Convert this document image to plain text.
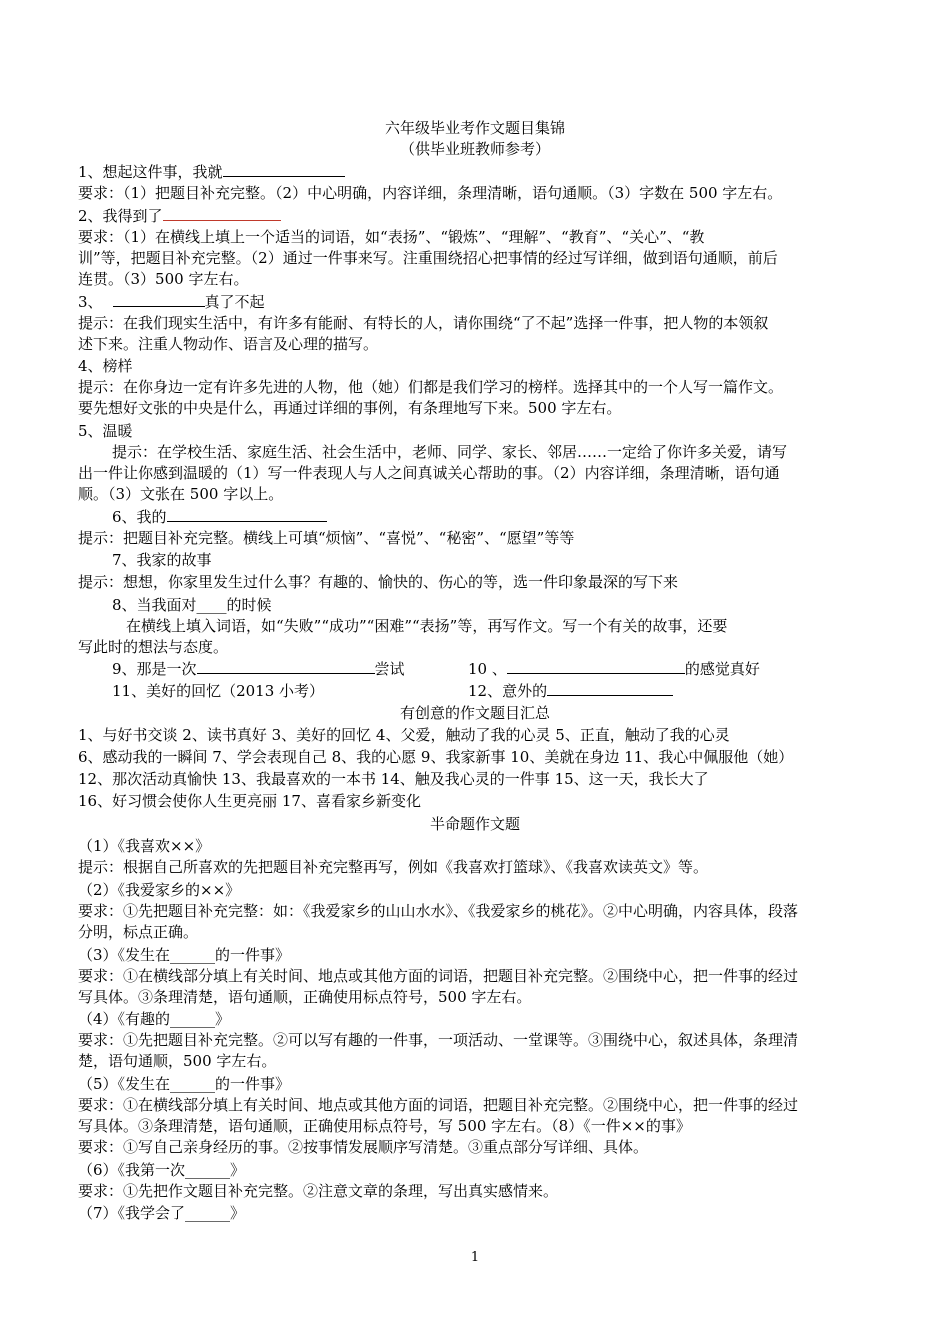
六年级毕业考作文题目集锦
（供毕业班教师参考）
1、想起这件事，我就
要求：（1）把题目补充完整。（2）中心明确，内容详细，条理清晰，语句通顺。（3）字数在 500 字左右。
2、我得到了
要求：（1）在横线上填上一个适当的词语，如“表扬”、“锻炼”、“理解”、“教育”、“关心”、“教
训”等，把题目补充完整。（2）通过一件事来写。注重围绕招心把事情的经过写详细，做到语句通顺，前后
连贯。（3）500 字左右。
3、	真了不起
提示：在我们现实生活中，有许多有能耐、有特长的人，请你围绕“了不起”选择一件事，把人物的本领叙
述下来。注重人物动作、语言及心理的描写。
4、榜样
提示：在你身边一定有许多先进的人物，他（她）们都是我们学习的榜样。选择其中的一个人写一篇作文。
要先想好文张的中央是什么，再通过详细的事例，有条理地写下来。500 字左右。
5、温暖
提示：在学校生活、家庭生活、社会生活中，老师、同学、家长、邻居……一定给了你许多关爱，请写
出一件让你感到温暖的（1）写一件表现人与人之间真诚关心帮助的事。（2）内容详细，条理清晰，语句通
顺。（3）文张在 500 字以上。
6、我的
提示：把题目补充完整。横线上可填“烦恼”、“喜悦”、“秘密”、“愿望”等等
7、我家的故事
提示：想想，你家里发生过什么事？有趣的、愉快的、伤心的等，选一件印象最深的写下来
8、当我面对____的时候
在横线上填入词语，如“失败”“成功”“困难”“表扬”等，再写作文。写一个有关的故事，还要
写此时的想法与态度。
9、那是一次	尝试	10 、	的感觉真好
11、美好的回忆（2013 小考）	12、意外的
有创意的作文题目汇总
1、与好书交谈 2、读书真好 3、美好的回忆 4、父爱，触动了我的心灵 5、正直，触动了我的心灵
6、感动我的一瞬间 7、学会表现自己 8、我的心愿 9、我家新事 10、美就在身边 11、我心中佩服他（她）
12、那次活动真愉快 13、我最喜欢的一本书 14、触及我心灵的一件事 15、这一天，我长大了
16、好习惯会使你人生更亮丽 17、喜看家乡新变化
半命题作文题
（1）《我喜欢××》
提示：根据自己所喜欢的先把题目补充完整再写，例如《我喜欢打篮球》、《我喜欢读英文》等。
（2）《我爱家乡的××》
要求：①先把题目补充完整：如：《我爱家乡的山山水水》、《我爱家乡的桃花》。②中心明确，内容具体，段落
分明，标点正确。
（3）《发生在______的一件事》
要求：①在横线部分填上有关时间、地点或其他方面的词语，把题目补充完整。②围绕中心，把一件事的经过
写具体。③条理清楚，语句通顺，正确使用标点符号，500 字左右。
（4）《有趣的______》
要求：①先把题目补充完整。②可以写有趣的一件事，一项活动、一堂课等。③围绕中心，叙述具体，条理清
楚，语句通顺，500 字左右。
（5）《发生在______的一件事》
要求：①在横线部分填上有关时间、地点或其他方面的词语，把题目补充完整。②围绕中心，把一件事的经过
写具体。③条理清楚，语句通顺，正确使用标点符号，写 500 字左右。（8）《一件××的事》
要求：①写自己亲身经历的事。②按事情发展顺序写清楚。③重点部分写详细、具体。
（6）《我第一次______》
要求：①先把作文题目补充完整。②注意文章的条理，写出真实感情来。
（7）《我学会了______》
1
